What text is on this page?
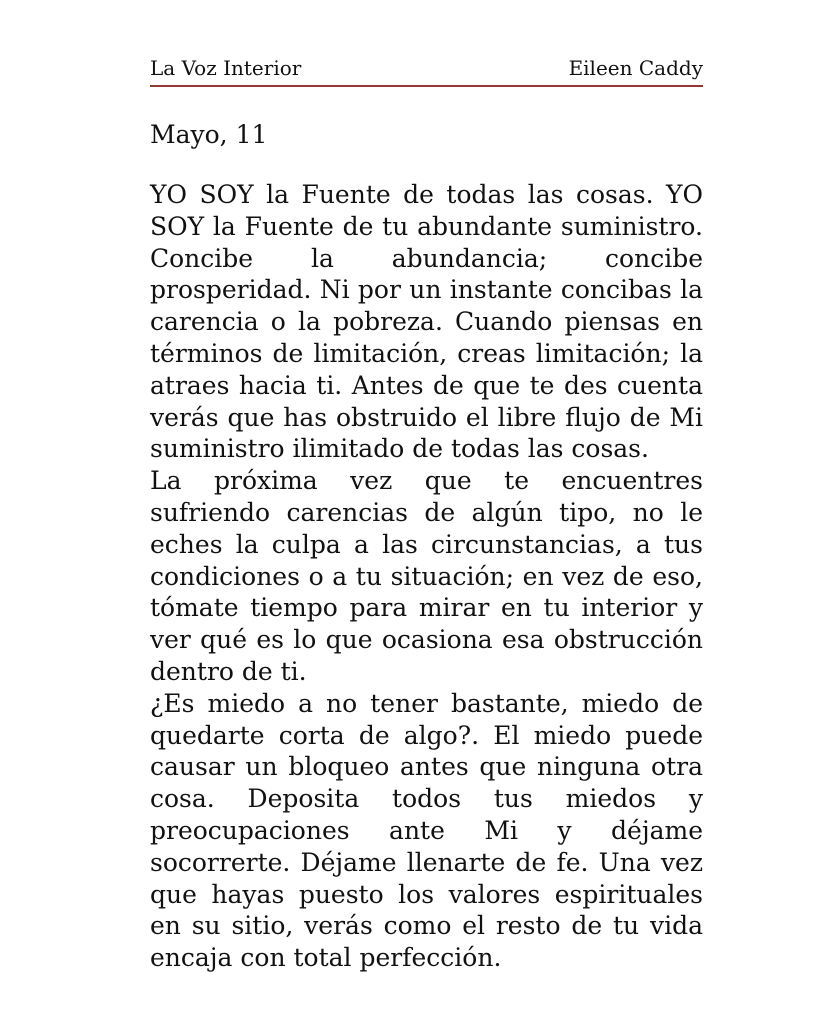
La Voz Interior	Eileen Caddy
Mayo, 11

YO SOY la Fuente de todas las cosas. YO SOY la Fuente de tu abundante suministro. Concibe la abundancia; concibe prosperidad. Ni por un instante concibas la carencia o la pobreza. Cuando piensas en términos de limitación, creas limitación; la atraes hacia ti. Antes de que te des cuenta verás que has obstruido el libre flujo de Mi suministro ilimitado de todas las cosas.

La próxima vez que te encuentres sufriendo carencias de algún tipo, no le eches la culpa a las circunstancias, a tus condiciones o a tu situación; en vez de eso, tómate tiempo para mirar en tu interior y ver qué es lo que ocasiona esa obstrucción dentro de ti.

¿Es miedo a no tener bastante, miedo de quedarte corta de algo?. El miedo puede causar un bloqueo antes que ninguna otra cosa. Deposita todos tus miedos y preocupaciones ante Mi y déjame socorrerte. Déjame llenarte de fe. Una vez que hayas puesto los valores espirituales en su sitio, verás como el resto de tu vida encaja con total perfección.
